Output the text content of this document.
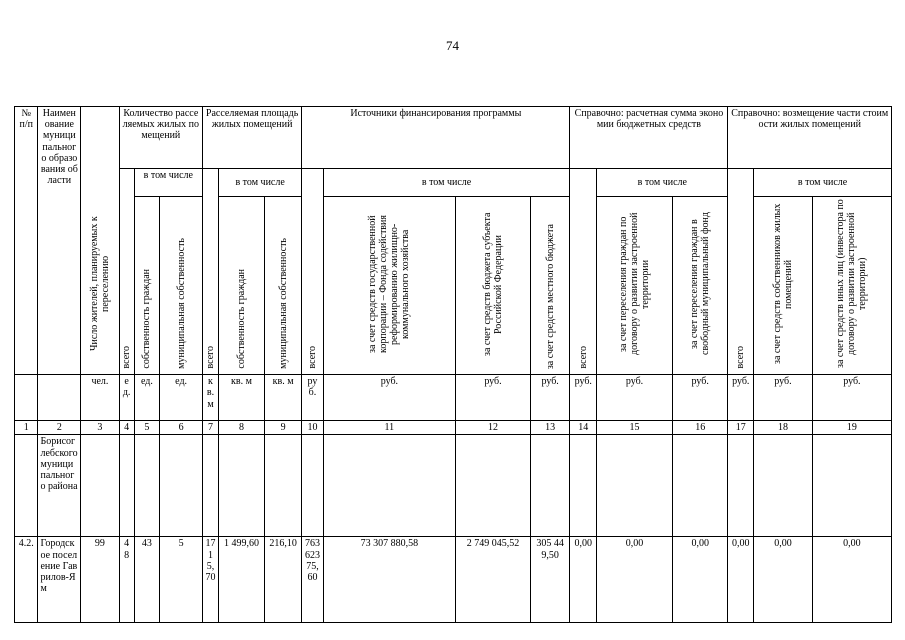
74
№ п/п	Наименование муниципального образования области	Число жителей, планируемых к переселению	Количество расселяемых жилых помещений			Расселяемая площадь жилых помещений			Источники финансирования программы				Справочно: расчетная сумма экономии бюджетных средств			Справочно: возмещение части стоимости жилых помещений		
			всего	в том числе		всего	в том числе		всего	в том числе			всего	в том числе		всего	в том числе	
				собственность граждан	муниципальная собственность		собственность граждан	муниципальная собственность		за счет средств государственной корпорации – Фонда содействия реформированию жилищно-коммунального хозяйства	за счет средств бюджета субъекта Российской Федерации	за счет средств местного бюджета		за счет переселения граждан по договору о развитии застроенной территории	за счет переселения граждан в свободный муниципальный фонд		за счет средств собственников жилых помещений	за счет средств иных лиц (инвестора по договору о развитии застроенной территории)
		чел.	ед.	ед.	ед.	кв. м	кв. м	кв. м	руб.	руб.	руб.	руб.	руб.	руб.	руб.	руб.	руб.	руб.
1	2	3	4	5	6	7	8	9	10	11	12	13	14	15	16	17	18	19
	Борисоглебского муниципального района																	
4.2.	Городское поселение Гаврилов-Ям	99	48	43	5	1715,70	1 499,60	216,10	76362375,60	73 307 880,58	2 749 045,52	305 449,50	0,00	0,00	0,00	0,00	0,00	0,00
